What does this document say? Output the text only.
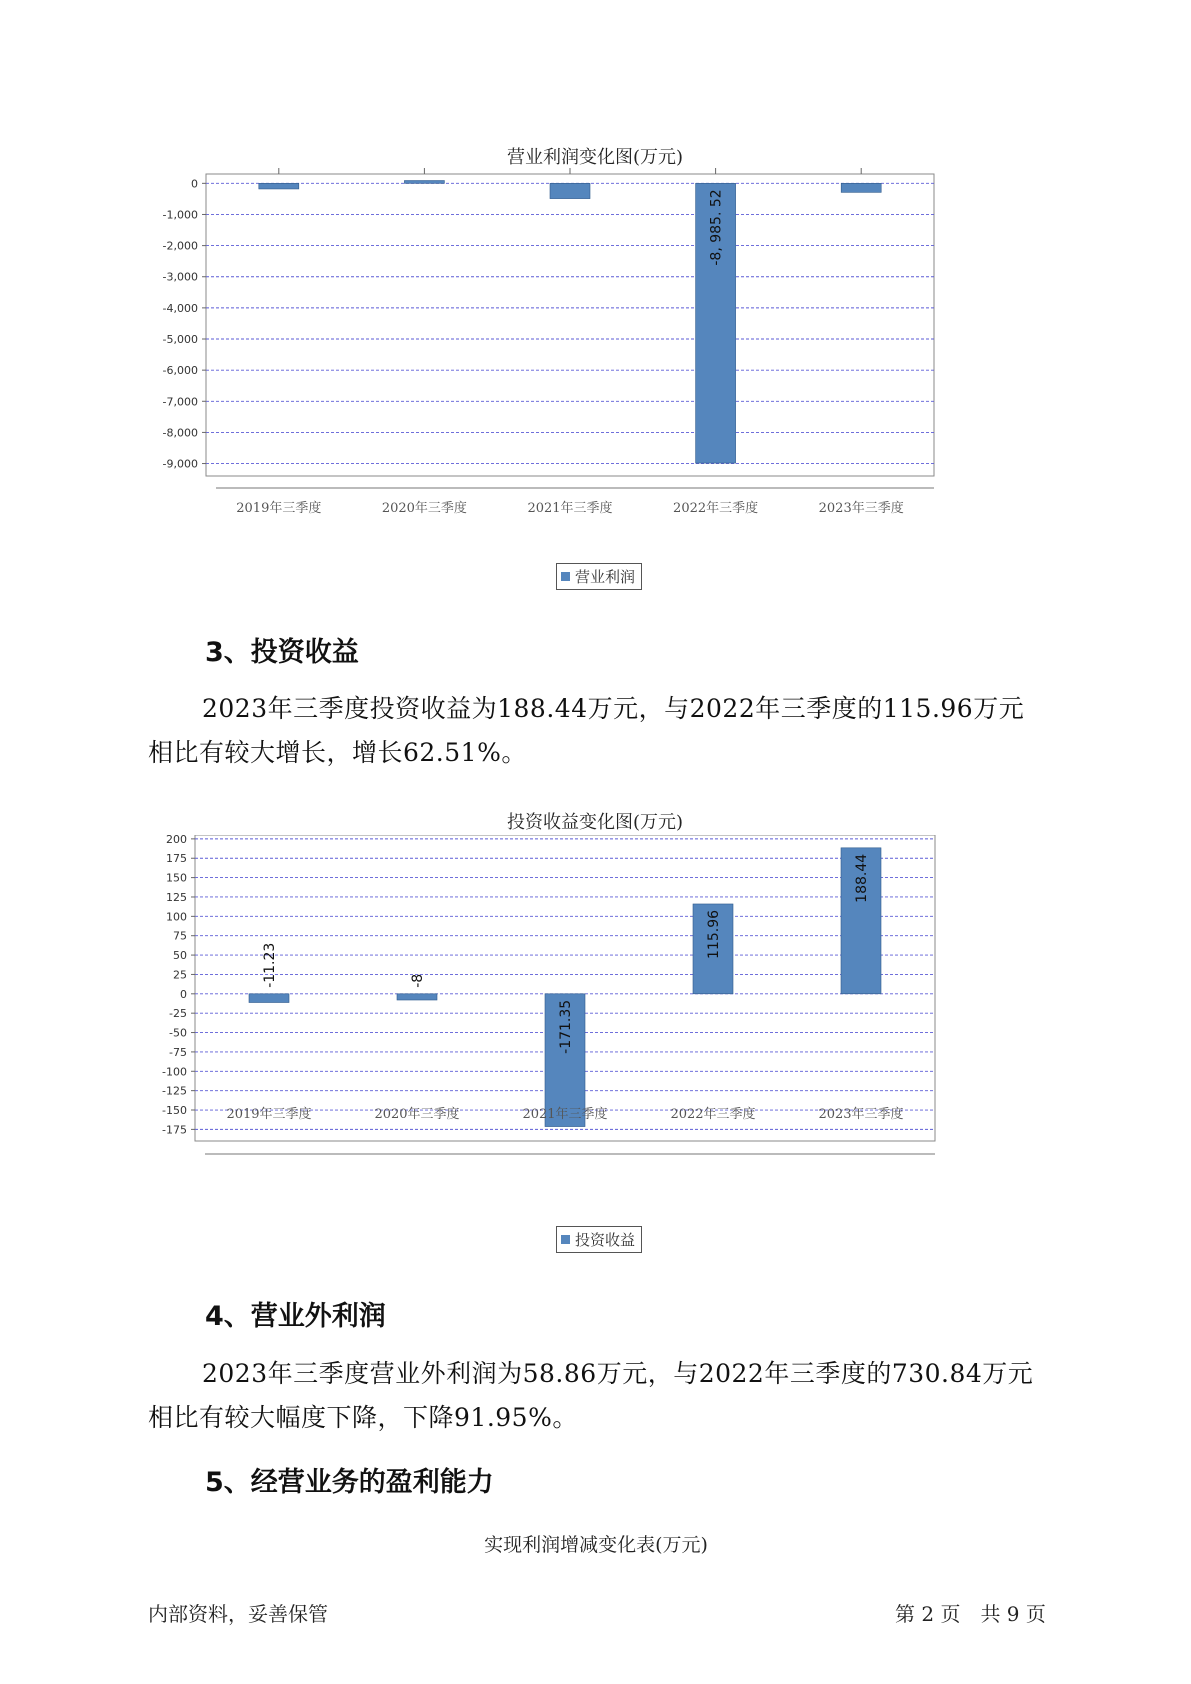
营业利润变化图(万元)
0
-1,000
-2,000
-3,000
-4,000
-5,000
-6,000
-7,000
-8,000
-9,000
2019年三季度	2020年三季度	2021年三季度	2022年三季度
-8, 985. 52
2023年三季度
营业利润
3、投资收益
2023年三季度投资收益为188.44万元，与2022年三季度的115.96万元
相比有较大增长，增长62.51%。
投资收益变化图(万元)
200
175
150
125
100
75
50
25
0
-25
-50
-75
-100
-125
-150
-175
2019年三季度
-11.23
2020年三季度
-8
2021年三季度
-171.35
2022年三季度
115.96
2023年三季度
188.44
投资收益
4、营业外利润
2023年三季度营业外利润为58.86万元，与2022年三季度的730.84万元
相比有较大幅度下降，下降91.95%。
5、经营业务的盈利能力
实现利润增减变化表(万元)
内部资料，妥善保管	第 2 页　共 9 页
